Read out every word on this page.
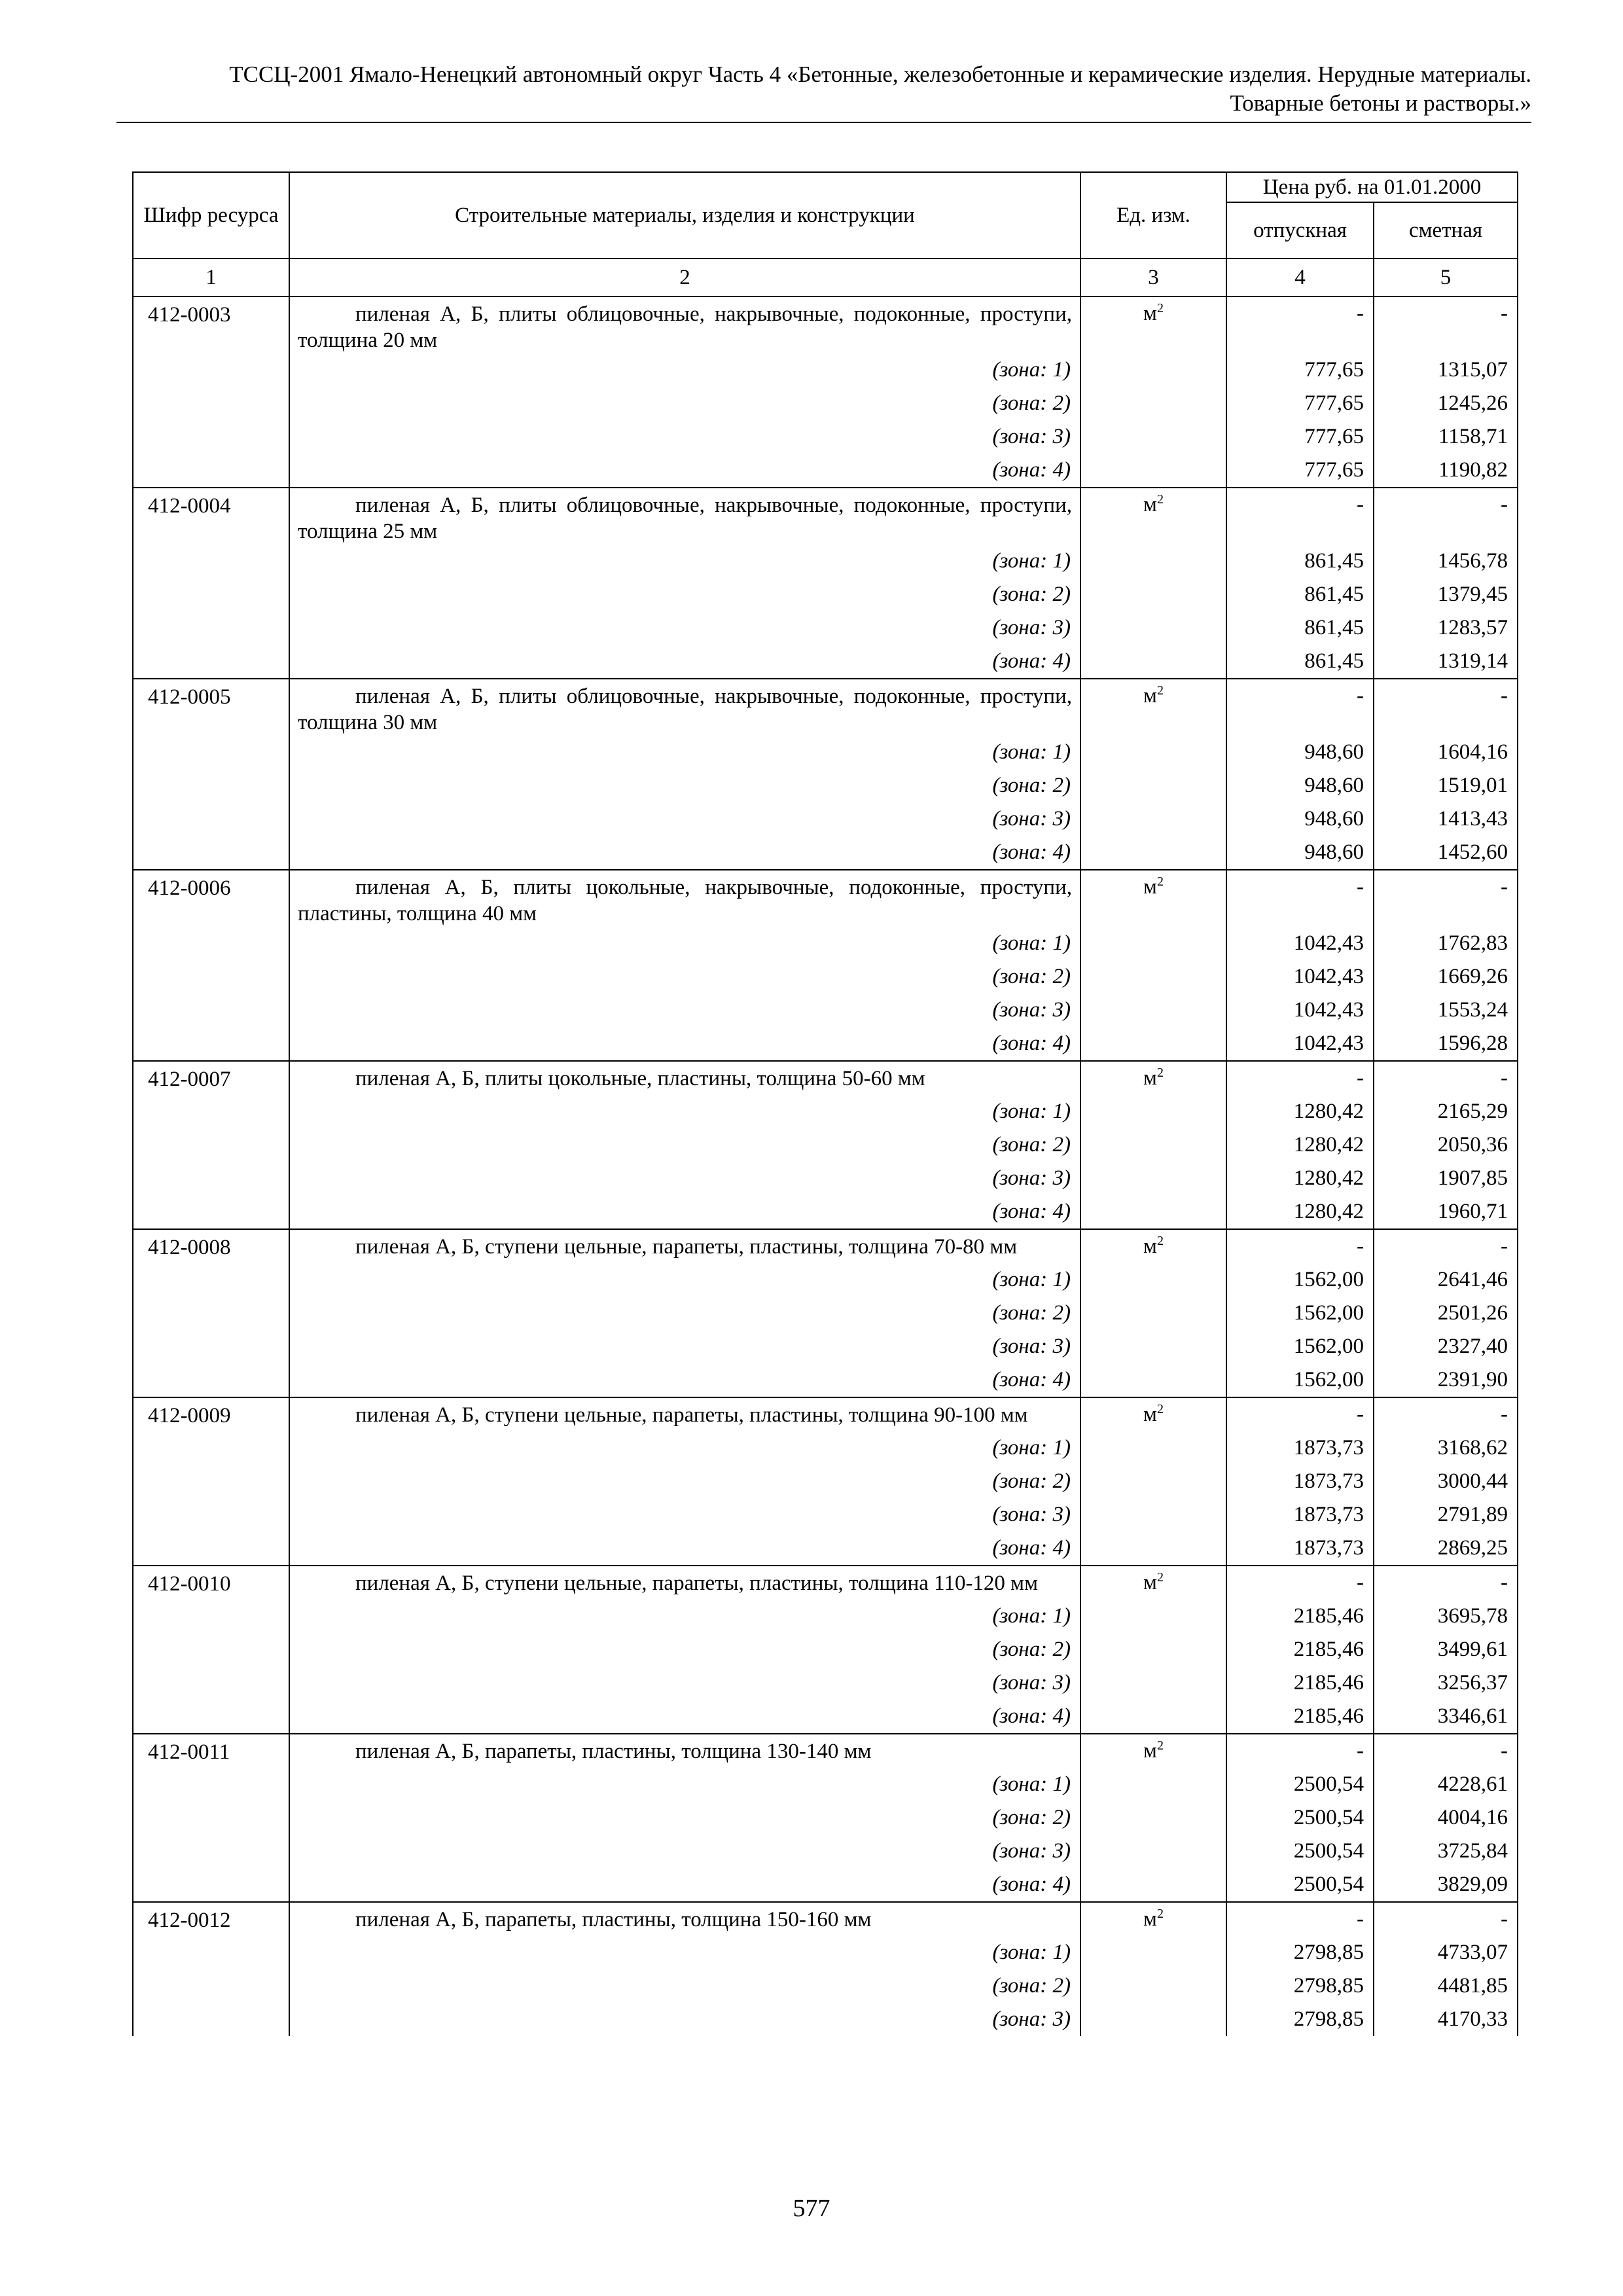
ТССЦ-2001 Ямало-Ненецкий автономный округ Часть 4 «Бетонные, железобетонные и керамические изделия. Нерудные материалы.
Товарные бетоны и растворы.»
Шифр ресурса	Строительные материалы, изделия и конструкции	Ед. изм.	Цена руб. на 01.01.2000	
			отпускная	сметная
1	2	3	4	5
412-0003	пиленая А, Б, плиты облицовочные, накрывочные, подоконные, проступи, толщина 20 мм	$м^2$	-	-
	(зона: 1)		777,65	1315,07
	(зона: 2)		777,65	1245,26
	(зона: 3)		777,65	1158,71
	(зона: 4)		777,65	1190,82
412-0004	пиленая А, Б, плиты облицовочные, накрывочные, подоконные, проступи, толщина 25 мм	$м^2$	-	-
	(зона: 1)		861,45	1456,78
	(зона: 2)		861,45	1379,45
	(зона: 3)		861,45	1283,57
	(зона: 4)		861,45	1319,14
412-0005	пиленая А, Б, плиты облицовочные, накрывочные, подоконные, проступи, толщина 30 мм	$м^2$	-	-
	(зона: 1)		948,60	1604,16
	(зона: 2)		948,60	1519,01
	(зона: 3)		948,60	1413,43
	(зона: 4)		948,60	1452,60
412-0006	пиленая А, Б, плиты цокольные, накрывочные, подоконные, проступи, пластины, толщина 40 мм	$м^2$	-	-
	(зона: 1)		1042,43	1762,83
	(зона: 2)		1042,43	1669,26
	(зона: 3)		1042,43	1553,24
	(зона: 4)		1042,43	1596,28
412-0007	пиленая А, Б, плиты цокольные, пластины, толщина 50-60 мм	$м^2$	-	-
	(зона: 1)		1280,42	2165,29
	(зона: 2)		1280,42	2050,36
	(зона: 3)		1280,42	1907,85
	(зона: 4)		1280,42	1960,71
412-0008	пиленая А, Б, ступени цельные, парапеты, пластины, толщина 70-80 мм	$м^2$	-	-
	(зона: 1)		1562,00	2641,46
	(зона: 2)		1562,00	2501,26
	(зона: 3)		1562,00	2327,40
	(зона: 4)		1562,00	2391,90
412-0009	пиленая А, Б, ступени цельные, парапеты, пластины, толщина 90-100 мм	$м^2$	-	-
	(зона: 1)		1873,73	3168,62
	(зона: 2)		1873,73	3000,44
	(зона: 3)		1873,73	2791,89
	(зона: 4)		1873,73	2869,25
412-0010	пиленая А, Б, ступени цельные, парапеты, пластины, толщина 110-120 мм	$м^2$	-	-
	(зона: 1)		2185,46	3695,78
	(зона: 2)		2185,46	3499,61
	(зона: 3)		2185,46	3256,37
	(зона: 4)		2185,46	3346,61
412-0011	пиленая А, Б, парапеты, пластины, толщина 130-140 мм	$м^2$	-	-
	(зона: 1)		2500,54	4228,61
	(зона: 2)		2500,54	4004,16
	(зона: 3)		2500,54	3725,84
	(зона: 4)		2500,54	3829,09
412-0012	пиленая А, Б, парапеты, пластины, толщина 150-160 мм	$м^2$	-	-
	(зона: 1)		2798,85	4733,07
	(зона: 2)		2798,85	4481,85
	(зона: 3)		2798,85	4170,33
577
